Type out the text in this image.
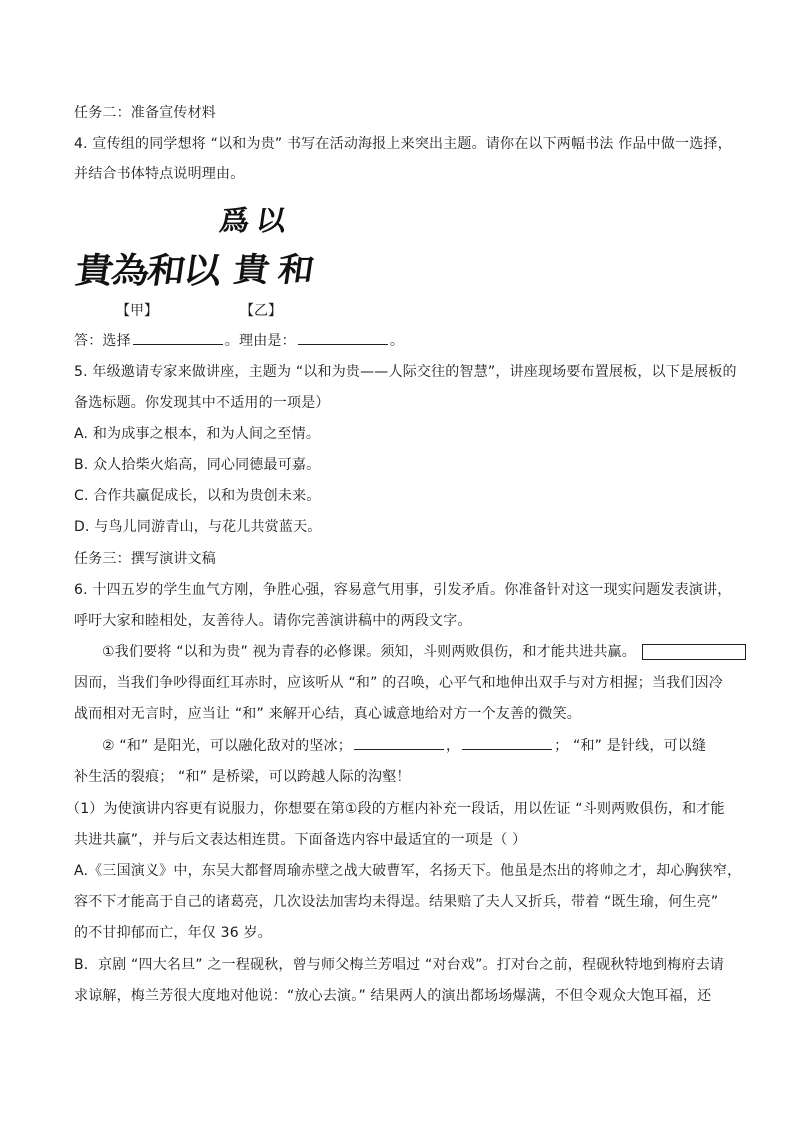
任务二：准备宣传材料
4. 宣传组的同学想将 “以和为贵” 书写在活动海报上来突出主题。请你在以下两幅书法 作品中做一选择，
并结合书体特点说明理由。
爲 以
貴為和以 貴 和
【甲】	【乙】
答：选择	。理由是：	。
5. 年级邀请专家来做讲座，主题为 “以和为贵——人际交往的智慧”，讲座现场要布置展板，以下是展板的
备选标题。你发现其中不适用的一项是）
A. 和为成事之根本，和为人间之至情。
B. 众人拾柴火焰高，同心同德最可嘉。
C. 合作共赢促成长，以和为贵创未来。
D. 与鸟儿同游青山，与花儿共赏蓝天。
任务三：撰写演讲文稿
6. 十四五岁的学生血气方刚，争胜心强，容易意气用事，引发矛盾。你准备针对这一现实问题发表演讲，
呼吁大家和睦相处，友善待人。请你完善演讲稿中的两段文字。
①我们要将 “以和为贵” 视为青春的必修课。须知，斗则两败俱伤，和才能共进共赢。
因而，当我们争吵得面红耳赤时，应该听从 “和” 的召唤，心平气和地伸出双手与对方相握；当我们因冷
战而相对无言时，应当让 “和” 来解开心结，真心诚意地给对方一个友善的微笑。
② “和” 是阳光，可以融化敌对的坚冰；	，	； “和” 是针线，可以缝
补生活的裂痕； “和” 是桥梁，可以跨越人际的沟壑！
（1）为使演讲内容更有说服力，你想要在第①段的方框内补充一段话，用以佐证 “斗则两败俱伤，和才能
共进共赢”，并与后文表达相连贯。下面备选内容中最适宜的一项是（ ）
A.《三国演义》中，东吴大都督周瑜赤壁之战大破曹军，名扬天下。他虽是杰出的将帅之才，却心胸狭窄，
容不下才能高于自己的诸葛亮，几次设法加害均未得逞。结果赔了夫人又折兵，带着 “既生瑜，何生亮”
的不甘抑郁而亡，年仅 36 岁。
B．京剧 “四大名旦” 之一程砚秋，曾与师父梅兰芳唱过 “对台戏”。打对台之前，程砚秋特地到梅府去请
求谅解，梅兰芳很大度地对他说：“放心去演。” 结果两人的演出都场场爆满，不但令观众大饱耳福，还
